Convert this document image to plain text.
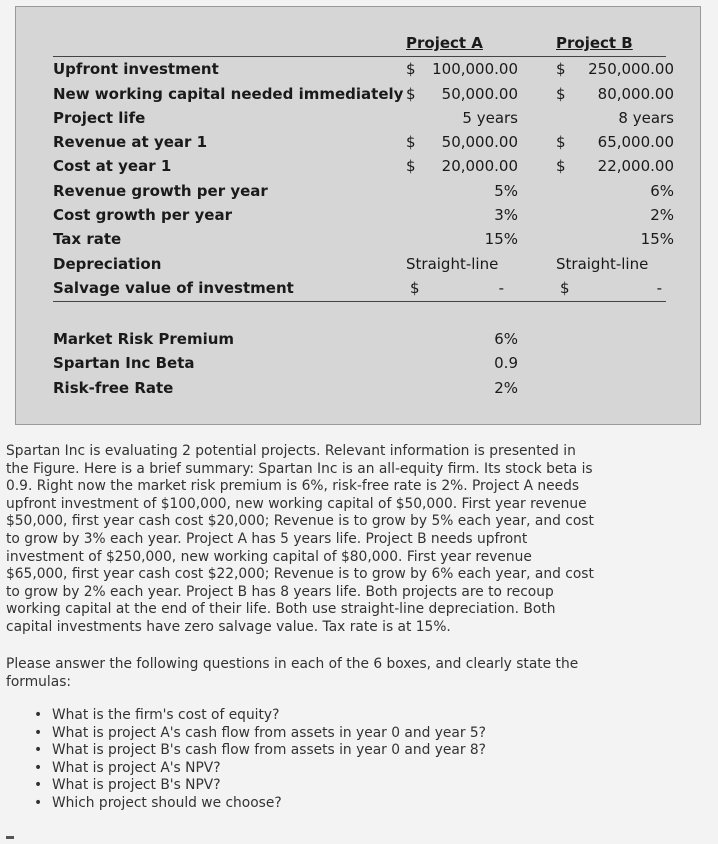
Project A	Project B
Upfront investment	$ 100,000.00	$ 250,000.00
New working capital needed immediately $ 50,000.00	$ 80,000.00
Project life	5 years	8 years
Revenue at year 1	$ 50,000.00	$ 65,000.00
Cost at year 1	$ 20,000.00	$ 22,000.00
Revenue growth per year	5%	6%
Cost growth per year	3%	2%
Tax rate	15%	15%
Depreciation	Straight-line	Straight-line
Salvage value of investment	$	-	$	-
Market Risk Premium	6%
Spartan Inc Beta	0.9
Risk-free Rate	2%
Spartan Inc is evaluating 2 potential projects. Relevant information is presented in
the Figure. Here is a brief summary: Spartan Inc is an all-equity firm. Its stock beta is
0.9. Right now the market risk premium is 6%, risk-free rate is 2%. Project A needs
upfront investment of $100,000, new working capital of $50,000. First year revenue
$50,000, first year cash cost $20,000; Revenue is to grow by 5% each year, and cost
to grow by 3% each year. Project A has 5 years life. Project B needs upfront
investment of $250,000, new working capital of $80,000. First year revenue
$65,000, first year cash cost $22,000; Revenue is to grow by 6% each year, and cost
to grow by 2% each year. Project B has 8 years life. Both projects are to recoup
working capital at the end of their life. Both use straight-line depreciation. Both
capital investments have zero salvage value. Tax rate is at 15%.
Please answer the following questions in each of the 6 boxes, and clearly state the
formulas:
• What is the firm's cost of equity?
• What is project A's cash flow from assets in year 0 and year 5?
• What is project B's cash flow from assets in year 0 and year 8?
• What is project A's NPV?
• What is project B's NPV?
• Which project should we choose?
